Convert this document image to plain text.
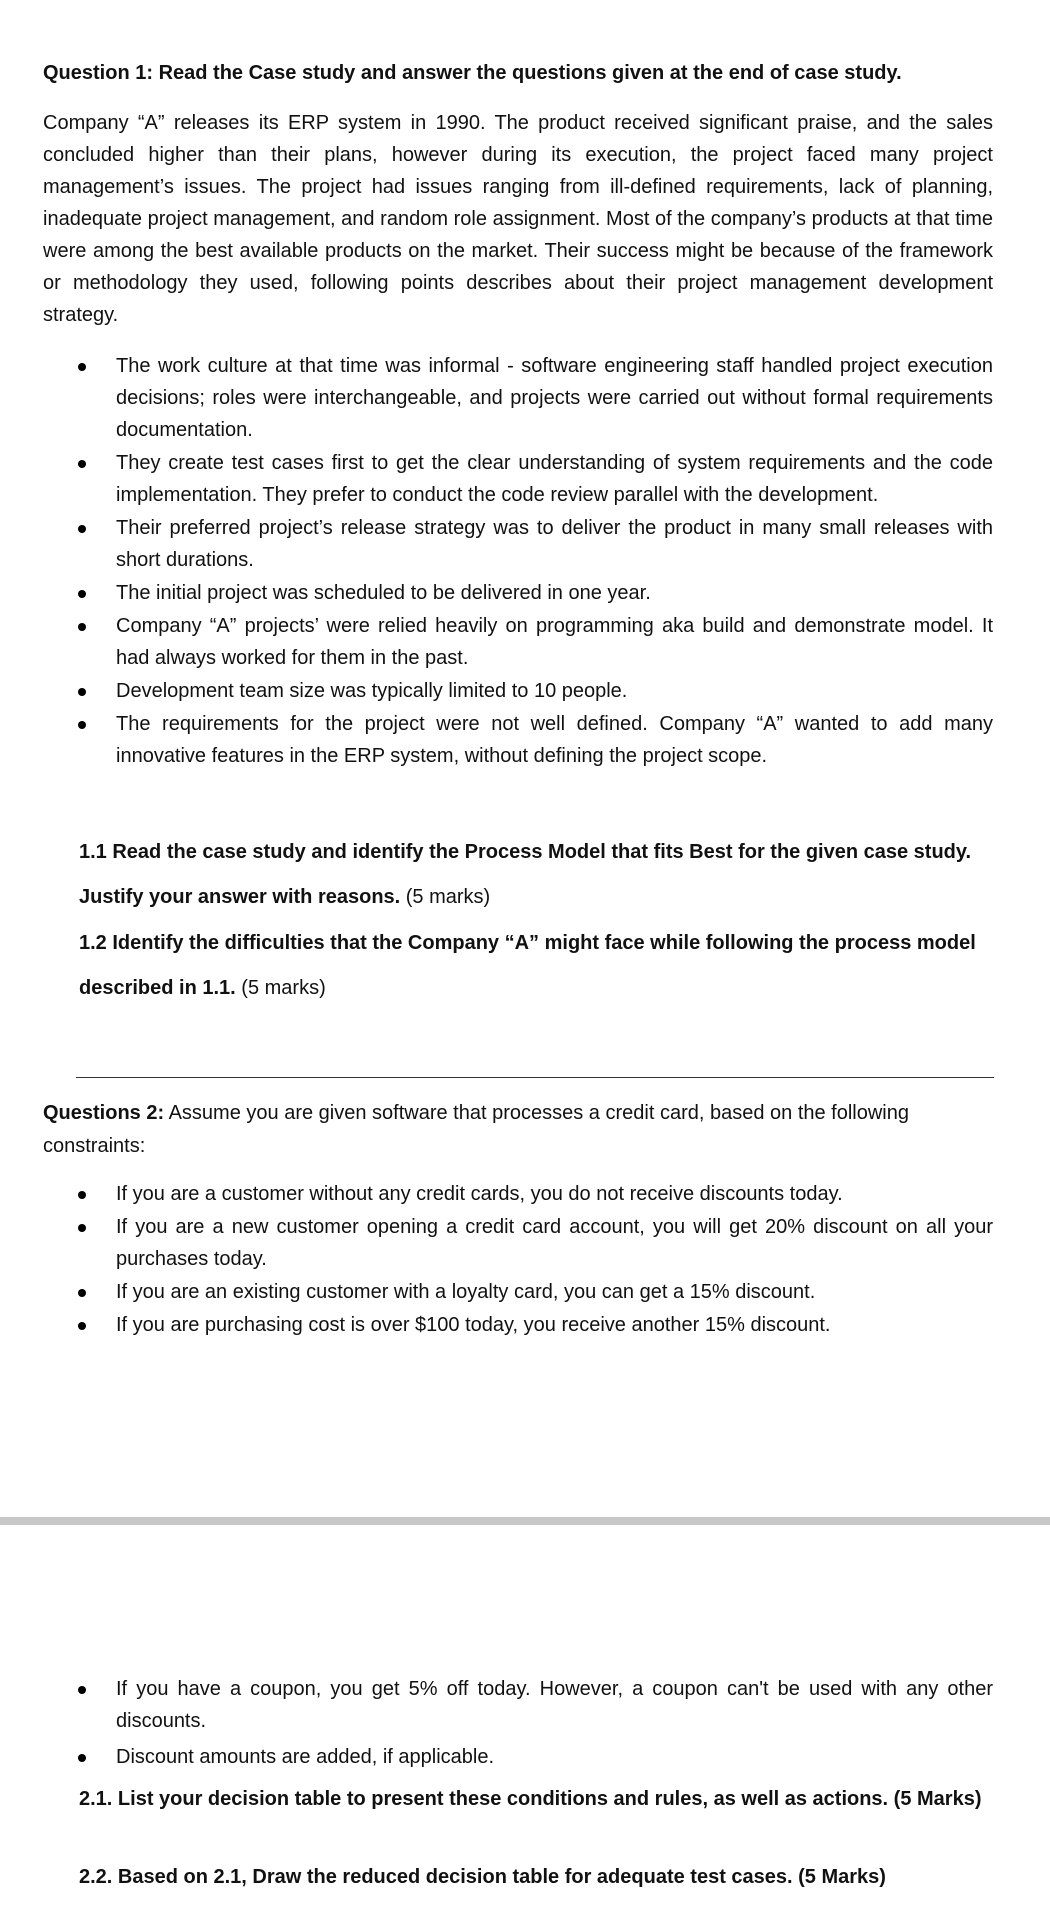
Question 1: Read the Case study and answer the questions given at the end of case study.

Company “A” releases its ERP system in 1990. The product received significant praise, and the sales concluded higher than their plans, however during its execution, the project faced many project management’s issues. The project had issues ranging from ill-defined requirements, lack of planning, inadequate project management, and random role assignment. Most of the company’s products at that time were among the best available products on the market. Their success might be because of the framework or methodology they used, following points describes about their project management development strategy.

The work culture at that time was informal - software engineering staff handled project execution decisions; roles were interchangeable, and projects were carried out without formal requirements documentation.
They create test cases first to get the clear understanding of system requirements and the code implementation. They prefer to conduct the code review parallel with the development.
Their preferred project’s release strategy was to deliver the product in many small releases with short durations.
The initial project was scheduled to be delivered in one year.
Company “A” projects’ were relied heavily on programming aka build and demonstrate model. It had always worked for them in the past.
Development team size was typically limited to 10 people.
The requirements for the project were not well defined. Company “A” wanted to add many innovative features in the ERP system, without defining the project scope.
1.1 Read the case study and identify the Process Model that fits Best for the given case study. Justify your answer with reasons. (5 marks)
1.2 Identify the difficulties that the Company “A” might face while following the process model described in 1.1. (5 marks)

Questions 2: Assume you are given software that processes a credit card, based on the following constraints:

If you are a customer without any credit cards, you do not receive discounts today.
If you are a new customer opening a credit card account, you will get 20% discount on all your purchases today.
If you are an existing customer with a loyalty card, you can get a 15% discount.
If you are purchasing cost is over $100 today, you receive another 15% discount.
If you have a coupon, you get 5% off today. However, a coupon can't be used with any other discounts.
Discount amounts are added, if applicable.
2.1. List your decision table to present these conditions and rules, as well as actions. (5 Marks)
2.2. Based on 2.1, Draw the reduced decision table for adequate test cases. (5 Marks)
